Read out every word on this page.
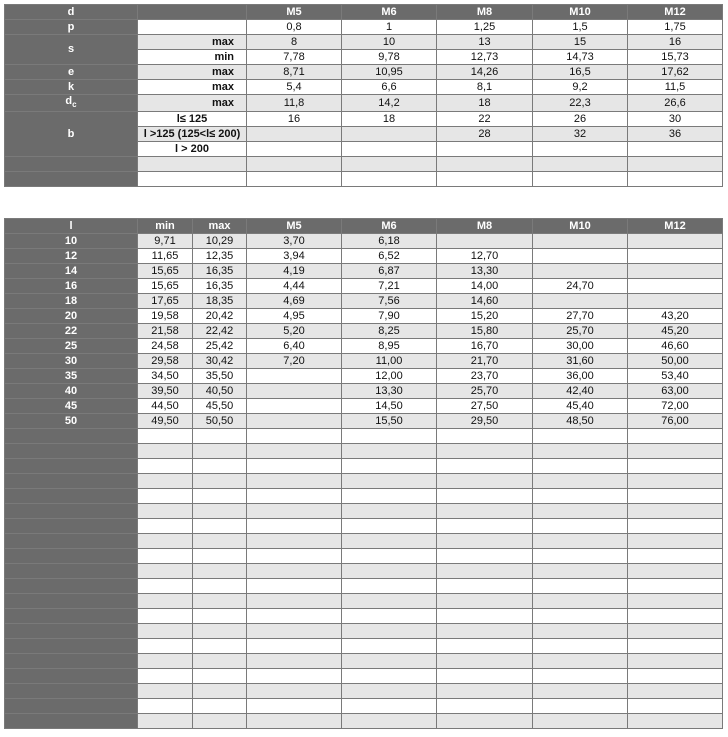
d		M5	M6	M8	M10	M12
p		0,8	1	1,25	1,5	1,75
s	max	8	10	13	15	16
	min	7,78	9,78	12,73	14,73	15,73
e	max	8,71	10,95	14,26	16,5	17,62
k	max	5,4	6,6	8,1	9,2	11,5
$d_c$	max	11,8	14,2	18	22,3	26,6
b	l≤ 125	16	18	22	26	30
	l >125 (125<l≤ 200)			28	32	36
	l > 200					

l	min	max	M5	M6	M8	M10	M12
10	9,71	10,29	3,70	6,18			
12	11,65	12,35	3,94	6,52	12,70		
14	15,65	16,35	4,19	6,87	13,30		
16	15,65	16,35	4,44	7,21	14,00	24,70	
18	17,65	18,35	4,69	7,56	14,60		
20	19,58	20,42	4,95	7,90	15,20	27,70	43,20
22	21,58	22,42	5,20	8,25	15,80	25,70	45,20
25	24,58	25,42	6,40	8,95	16,70	30,00	46,60
30	29,58	30,42	7,20	11,00	21,70	31,60	50,00
35	34,50	35,50		12,00	23,70	36,00	53,40
40	39,50	40,50		13,30	25,70	42,40	63,00
45	44,50	45,50		14,50	27,50	45,40	72,00
50	49,50	50,50		15,50	29,50	48,50	76,00
